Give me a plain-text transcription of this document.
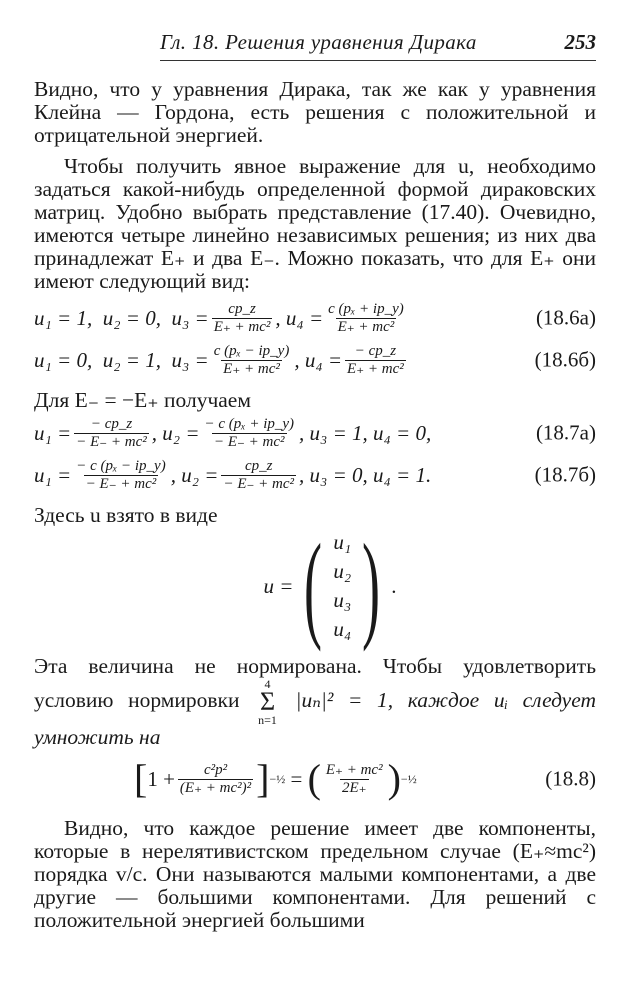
Гл. 18. Решения уравнения Дирака	253

Видно, что у уравнения Дирака, так же как у уравнения Клейна — Гордона, есть решения с положительной и отрицательной энергией.

Чтобы получить явное выражение для u, необходимо задаться какой-нибудь определенной формой дираковских матриц. Удобно выбрать представление (17.40). Очевидно, имеются четыре линейно независимых решения; из них два принадлежат E₊ и два E₋. Можно показать, что для E₊ они имеют следующий вид:

u₁ = 1,
u₂ = 0,
$u_3 = \frac{cp\_z}{\text{E₊ + mc²}}$ , $u_4 = \frac{\text{c (pₓ + ip\_y)}}{\text{E₊ + mc²}}$	(18.6а)
u₁ = 0,
u₂ = 1,
$u_3 = \frac{\text{c (pₓ − ip\_y)}}{\text{E₊ + mc²}}$ , $u_4 = \frac{- cp\_z}{\text{E₊ + mc²}}$	(18.6б)

Для E₋ = −E₊ получаем

$u_1 = \frac{- cp\_z}{\text{− E₋ + mc²}}$ , $u_2 = \frac{\text{− c (pₓ + ip\_y)}}{\text{− E₋ + mc²}}$ , u₃ = 1, u₄ = 0,	(18.7а)
$u_1 = \frac{\text{− c (pₓ − ip\_y)}}{\text{− E₋ + mc²}}$ , $u_2 = \frac{cp\_z}{\text{− E₋ + mc²}}$ , u₃ = 0, u₄ = 1.	(18.7б)

Здесь u взято в виде

u = ( u₁
u₂
u₃
u₄ ) .

Эта величина не нормирована. Чтобы удовлетворить условию нормировки
4
Σ
n=1
|uₙ|² = 1, каждое uᵢ следует умножить на

[ $1 + \frac{\text{c²p²}}{\text{(E₊ + mc²)²}}$ ] −½
=
( $\frac{\text{E₊ + mc²}}{2E_+}$ ) −½	(18.8)

Видно, что каждое решение имеет две компоненты, которые в нерелятивистском предельном случае (E₊≈mc²) порядка v/c. Они называются малыми компонентами, а две другие — большими компонентами. Для решений с положительной энергией большими
